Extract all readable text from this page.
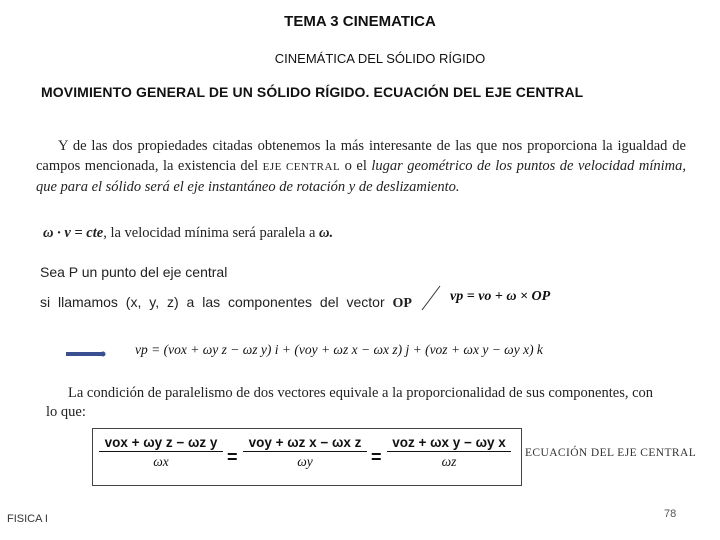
TEMA 3 CINEMATICA
CINEMÁTICA DEL SÓLIDO RÍGIDO
MOVIMIENTO GENERAL DE UN SÓLIDO RÍGIDO. ECUACIÓN DEL EJE CENTRAL
Y de las dos propiedades citadas obtenemos la más interesante de las que nos proporciona la igualdad de campos mencionada, la existencia del EJE CENTRAL o el lugar geométrico de los puntos de velocidad mínima, que para el sólido será el eje instantáneo de rotación y de deslizamiento.
ω · v = cte, la velocidad mínima será paralela a ω.
Sea P un punto del eje central
si llamamos (x, y, z) a las componentes del vector OP	vp = vo + ω × OP
vp = (vox + ωy z − ωz y) i + (voy + ωz x − ωx z) j + (voz + ωx y − ωy x) k
La condición de paralelismo de dos vectores equivale a la proporcionalidad de sus componentes, con lo que:
vox + ωy z − ωz y
ωx	=
voy + ωz x − ωx z
ωy	=
voz + ωx y − ωy x
ωz
ECUACIÓN DEL EJE CENTRAL
FISICA I	78
